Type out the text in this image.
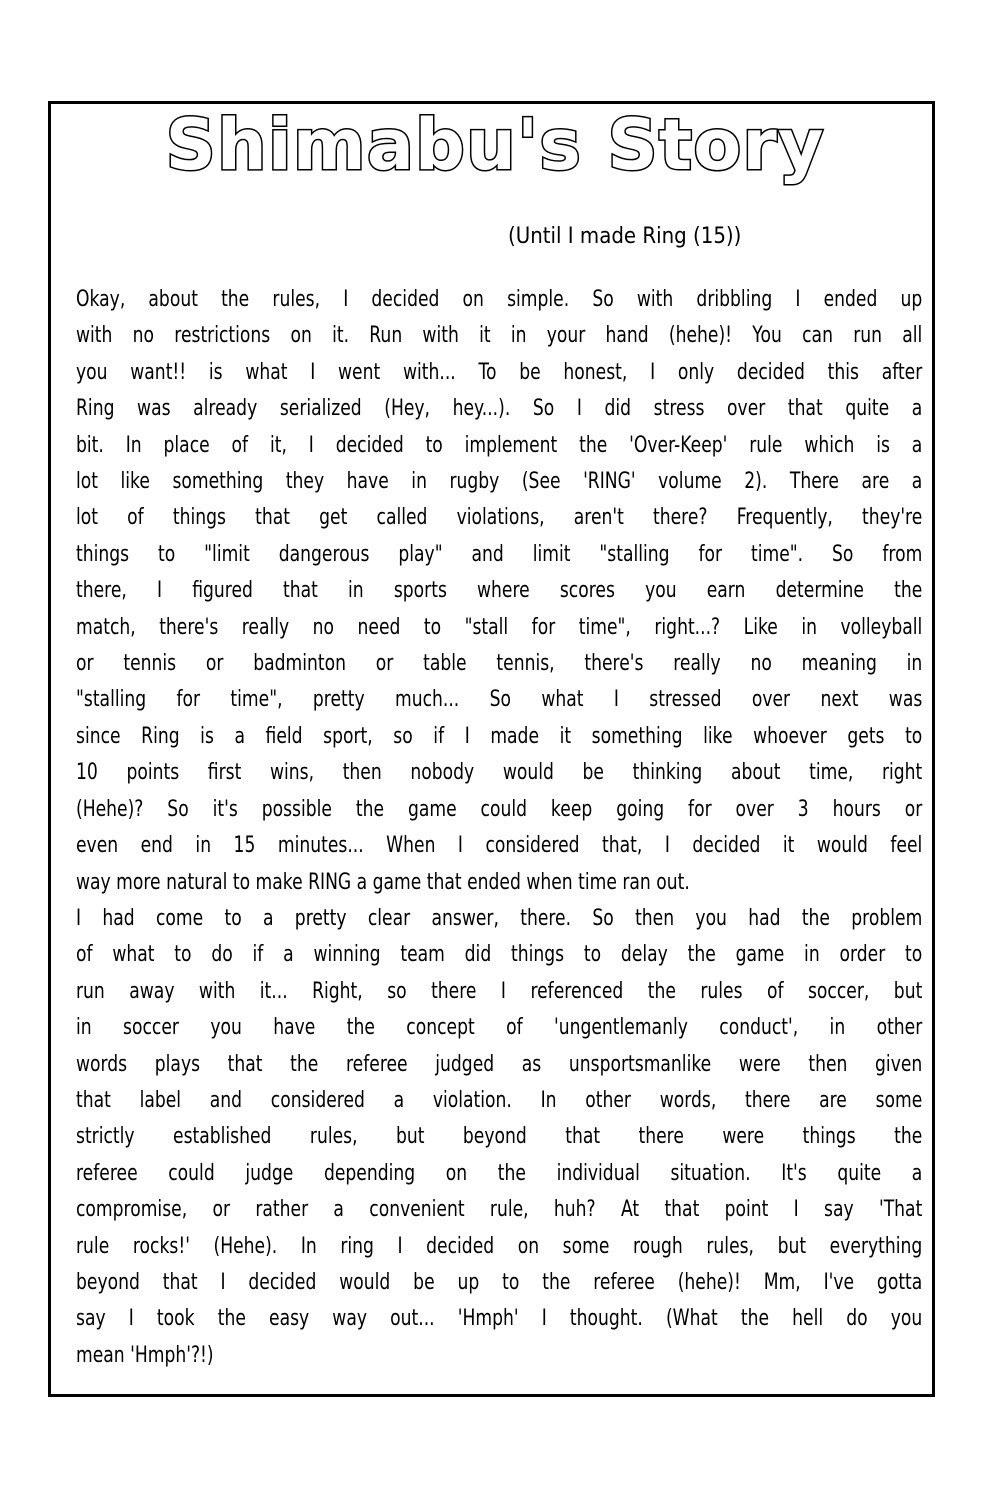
Shimabu's Story

(Until I made Ring (15))

Okay, about the rules, I decided on simple. So with dribbling I ended up
with no restrictions on it. Run with it in your hand (hehe)! You can run all
you want!! is what I went with... To be honest, I only decided this after
Ring was already serialized (Hey, hey...). So I did stress over that quite a
bit. In place of it, I decided to implement the 'Over-Keep' rule which is a
lot like something they have in rugby (See 'RING' volume 2). There are a
lot of things that get called violations, aren't there? Frequently, they're
things to "limit dangerous play" and limit "stalling for time". So from
there, I figured that in sports where scores you earn determine the
match, there's really no need to "stall for time", right...? Like in volleyball
or tennis or badminton or table tennis, there's really no meaning in
"stalling for time", pretty much... So what I stressed over next was
since Ring is a field sport, so if I made it something like whoever gets to
10 points first wins, then nobody would be thinking about time, right
(Hehe)? So it's possible the game could keep going for over 3 hours or
even end in 15 minutes... When I considered that, I decided it would feel
way more natural to make RING a game that ended when time ran out.
I had come to a pretty clear answer, there. So then you had the problem
of what to do if a winning team did things to delay the game in order to
run away with it... Right, so there I referenced the rules of soccer, but
in soccer you have the concept of 'ungentlemanly conduct', in other
words plays that the referee judged as unsportsmanlike were then given
that label and considered a violation. In other words, there are some
strictly established rules, but beyond that there were things the
referee could judge depending on the individual situation. It's quite a
compromise, or rather a convenient rule, huh? At that point I say 'That
rule rocks!' (Hehe). In ring I decided on some rough rules, but everything
beyond that I decided would be up to the referee (hehe)! Mm, I've gotta
say I took the easy way out... 'Hmph' I thought. (What the hell do you
mean 'Hmph'?!)
